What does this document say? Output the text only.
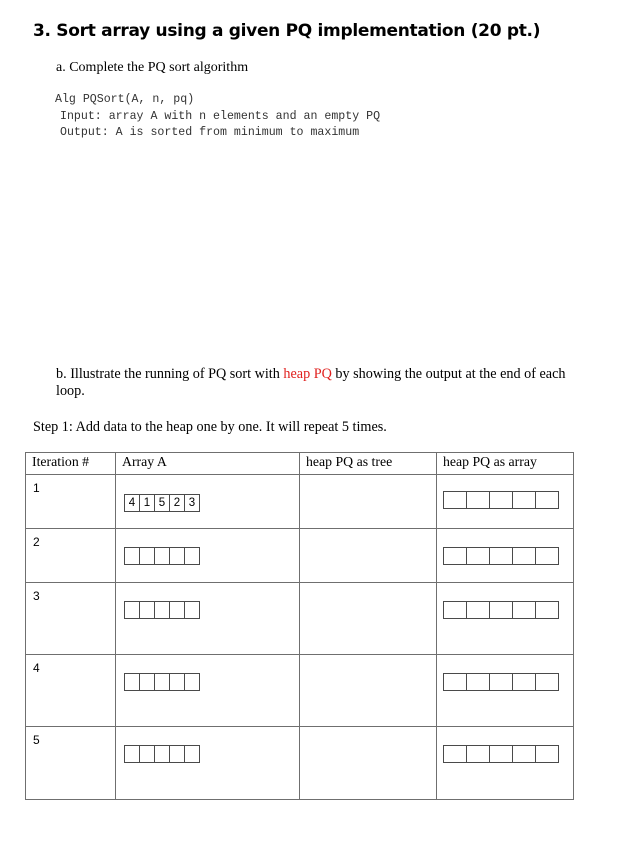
3. Sort array using a given PQ implementation (20 pt.)
a. Complete the PQ sort algorithm
Alg PQSort(A, n, pq)
Input: array A with n elements and an empty PQ
Output: A is sorted from minimum to maximum
b. Illustrate the running of PQ sort with heap PQ by showing the output at the end of each loop.
Step 1: Add data to the heap one by one. It will repeat 5 times.
Iteration #	Array A	heap PQ as tree	heap PQ as array

1	4 1 5 2 3		

2			

3			

4			

5			
